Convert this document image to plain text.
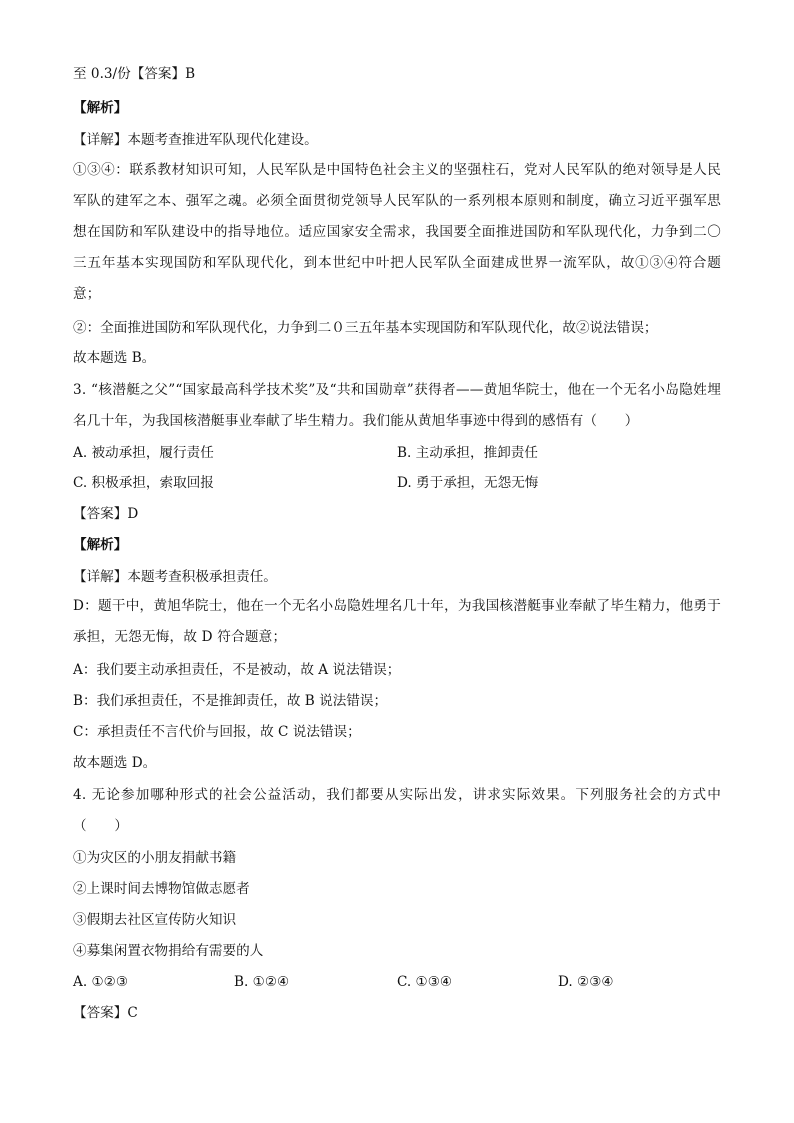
至 0.3/份【答案】B
【解析】
【详解】本题考查推进军队现代化建设。
①③④：联系教材知识可知，人民军队是中国特色社会主义的坚强柱石，党对人民军队的绝对领导是人民军队的建军之本、强军之魂。必须全面贯彻党领导人民军队的一系列根本原则和制度，确立习近平强军思想在国防和军队建设中的指导地位。适应国家安全需求，我国要全面推进国防和军队现代化，力争到二〇三五年基本实现国防和军队现代化，到本世纪中叶把人民军队全面建成世界一流军队，故①③④符合题意；
②：全面推进国防和军队现代化，力争到二０三五年基本实现国防和军队现代化，故②说法错误；
故本题选 B。
3. “核潜艇之父”“国家最高科学技术奖”及“共和国勋章”获得者——黄旭华院士，他在一个无名小岛隐姓埋名几十年，为我国核潜艇事业奉献了毕生精力。我们能从黄旭华事迹中得到的感悟有（　　）
A. 被动承担，履行责任	B. 主动承担，推卸责任
C. 积极承担，索取回报	D. 勇于承担，无怨无悔
【答案】D
【解析】
【详解】本题考查积极承担责任。
D：题干中，黄旭华院士，他在一个无名小岛隐姓埋名几十年，为我国核潜艇事业奉献了毕生精力，他勇于承担，无怨无悔，故 D 符合题意；
A：我们要主动承担责任，不是被动，故 A 说法错误；
B：我们承担责任，不是推卸责任，故 B 说法错误；
C：承担责任不言代价与回报，故 C 说法错误；
故本题选 D。
4. 无论参加哪种形式的社会公益活动，我们都要从实际出发，讲求实际效果。下列服务社会的方式中（　　）
①为灾区的小朋友捐献书籍
②上课时间去博物馆做志愿者
③假期去社区宣传防火知识
④募集闲置衣物捐给有需要的人
A. ①②③	B. ①②④	C. ①③④	D. ②③④
【答案】C
